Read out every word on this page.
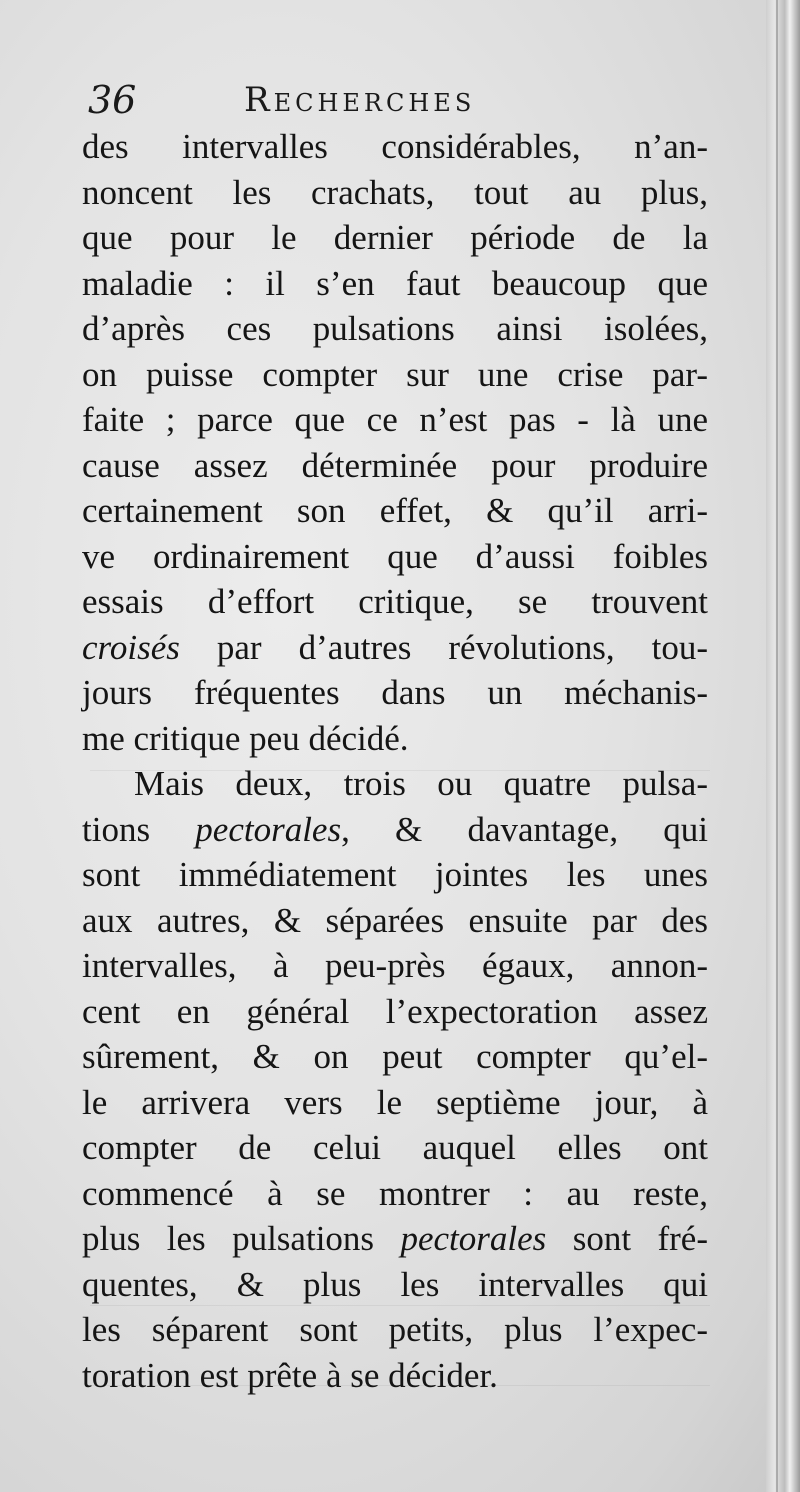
36	Recherches
des intervalles considérables, n’an-
noncent les crachats, tout au plus,
que pour le dernier période de la
maladie : il s’en faut beaucoup que
d’après ces pulsations ainsi isolées,
on puisse compter sur une crise par-
faite ; parce que ce n’est pas - là une
cause assez déterminée pour produire
certainement son effet, & qu’il arri-
ve ordinairement que d’aussi foibles
essais d’effort critique, se trouvent
croisés par d’autres révolutions, tou-
jours fréquentes dans un méchanis-
me critique peu décidé.
Mais deux, trois ou quatre pulsa-
tions pectorales, & davantage, qui
sont immédiatement jointes les unes
aux autres, & séparées ensuite par des
intervalles, à peu-près égaux, annon-
cent en général l’expectoration assez
sûrement, & on peut compter qu’el-
le arrivera vers le septième jour, à
compter de celui auquel elles ont
commencé à se montrer : au reste,
plus les pulsations pectorales sont fré-
quentes, & plus les intervalles qui
les séparent sont petits, plus l’expec-
toration est prête à se décider.
